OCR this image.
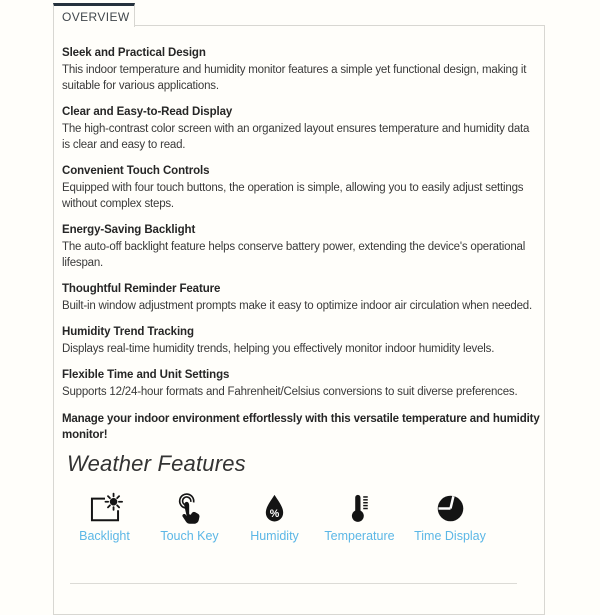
OVERVIEW
Sleek and Practical Design

This indoor temperature and humidity monitor features a simple yet functional design, making it suitable for various applications.

Clear and Easy-to-Read Display

The high-contrast color screen with an organized layout ensures temperature and humidity data is clear and easy to read.

Convenient Touch Controls

Equipped with four touch buttons, the operation is simple, allowing you to easily adjust settings without complex steps.

Energy-Saving Backlight

The auto-off backlight feature helps conserve battery power, extending the device's operational lifespan.

Thoughtful Reminder Feature

Built-in window adjustment prompts make it easy to optimize indoor air circulation when needed.

Humidity Trend Tracking

Displays real-time humidity trends, helping you effectively monitor indoor humidity levels.

Flexible Time and Unit Settings

Supports 12/24-hour formats and Fahrenheit/Celsius conversions to suit diverse preferences.

Manage your indoor environment effortlessly with this versatile temperature and humidity monitor!

Weather Features
Backlight Touch Key
%
Humidity Temperature Time Display
